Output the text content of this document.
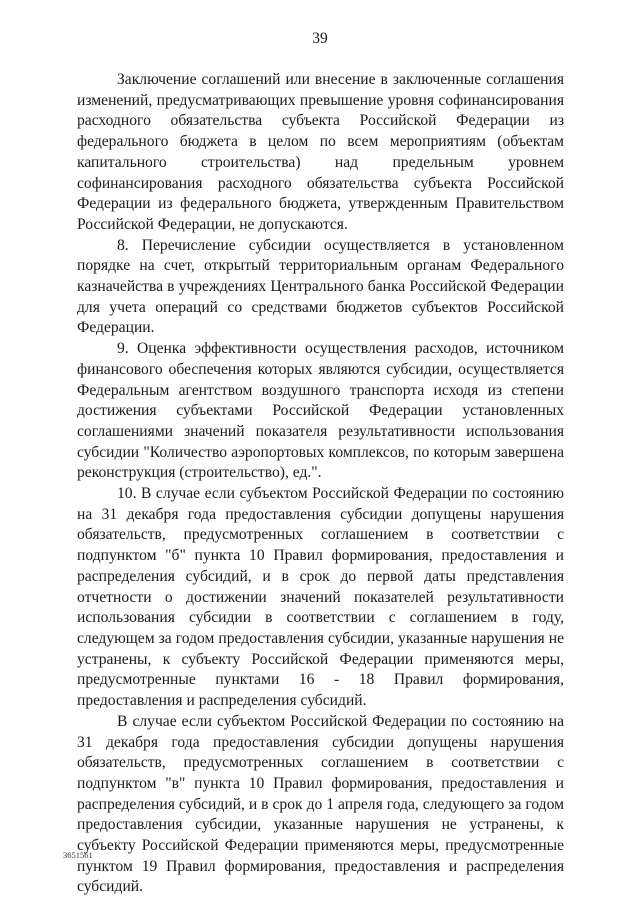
39

Заключение соглашений или внесение в заключенные соглашения изменений, предусматривающих превышение уровня софинансирования расходного обязательства субъекта Российской Федерации из федерального бюджета в целом по всем мероприятиям (объектам капитального строительства) над предельным уровнем софинансирования расходного обязательства субъекта Российской Федерации из федерального бюджета, утвержденным Правительством Российской Федерации, не допускаются.

8. Перечисление субсидии осуществляется в установленном порядке на счет, открытый территориальным органам Федерального казначейства в учреждениях Центрального банка Российской Федерации для учета операций со средствами бюджетов субъектов Российской Федерации.

9. Оценка эффективности осуществления расходов, источником финансового обеспечения которых являются субсидии, осуществляется Федеральным агентством воздушного транспорта исходя из степени достижения субъектами Российской Федерации установленных соглашениями значений показателя результативности использования субсидии "Количество аэропортовых комплексов, по которым завершена реконструкция (строительство), ед.".

10. В случае если субъектом Российской Федерации по состоянию на 31 декабря года предоставления субсидии допущены нарушения обязательств, предусмотренных соглашением в соответствии с подпунктом "б" пункта 10 Правил формирования, предоставления и распределения субсидий, и в срок до первой даты представления отчетности о достижении значений показателей результативности использования субсидии в соответствии с соглашением в году, следующем за годом предоставления субсидии, указанные нарушения не устранены, к субъекту Российской Федерации применяются меры, предусмотренные пунктами 16 - 18 Правил формирования, предоставления и распределения субсидий.

В случае если субъектом Российской Федерации по состоянию на 31 декабря года предоставления субсидии допущены нарушения обязательств, предусмотренных соглашением в соответствии с подпунктом "в" пункта 10 Правил формирования, предоставления и распределения субсидий, и в срок до 1 апреля года, следующего за годом предоставления субсидии, указанные нарушения не устранены, к субъекту Российской Федерации применяются меры, предусмотренные пунктом 19 Правил формирования, предоставления и распределения субсидий.

3651561
